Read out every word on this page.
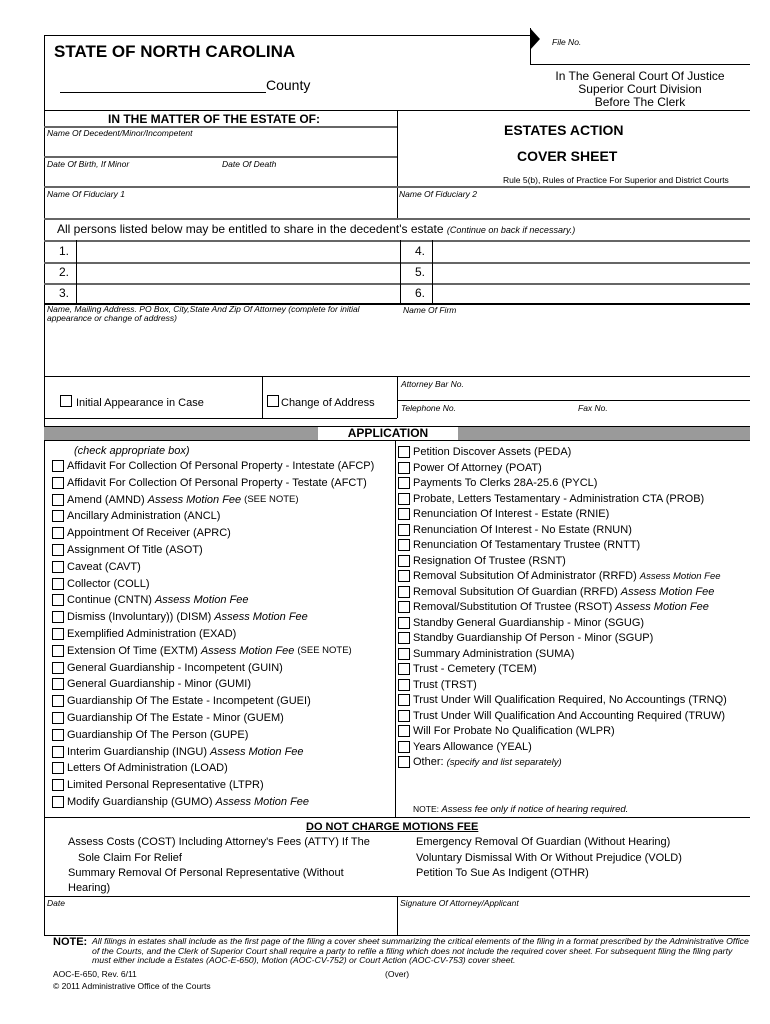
STATE OF NORTH CAROLINA
County
File No.
In The General Court Of Justice
Superior Court Division
Before The Clerk
IN THE MATTER OF THE ESTATE OF:
Name Of Decedent/Minor/Incompetent
Date Of Birth, If Minor	Date Of Death
Name Of Fiduciary 1	Name Of Fiduciary 2
ESTATES ACTION
COVER SHEET
Rule 5(b), Rules of Practice For Superior and District Courts
All persons listed below may be entitled to share in the decedent's estate (Continue on back if necessary.)
1.
2.
3.
4.
5.
6.
Name, Mailing Address. PO Box, City,State And Zip Of Attorney (complete for initial appearance or change of address)
Name Of Firm
Attorney Bar No.
Telephone No.	Fax No.
Initial Appearance in Case	Change of Address
APPLICATION
(check appropriate box)
Affidavit For Collection Of Personal Property - Intestate (AFCP)
Affidavit For Collection Of Personal Property - Testate (AFCT)
Amend (AMND) Assess Motion Fee (SEE NOTE)
Ancillary Administration (ANCL)
Appointment Of Receiver (APRC)
Assignment Of Title (ASOT)
Caveat (CAVT)
Collector (COLL)
Continue (CNTN) Assess Motion Fee
Dismiss (Involuntary)) (DISM) Assess Motion Fee
Exemplified Administration (EXAD)
Extension Of Time (EXTM) Assess Motion Fee (SEE NOTE)
General Guardianship - Incompetent (GUIN)
General Guardianship - Minor (GUMI)
Guardianship Of The Estate - Incompetent (GUEI)
Guardianship Of The Estate - Minor (GUEM)
Guardianship Of The Person (GUPE)
Interim Guardianship (INGU) Assess Motion Fee
Letters Of Administration (LOAD)
Limited Personal Representative (LTPR)
Modify Guardianship (GUMO) Assess Motion Fee
Petition Discover Assets (PEDA)
Power Of Attorney (POAT)
Payments To Clerks 28A-25.6 (PYCL)
Probate, Letters Testamentary - Administration CTA (PROB)
Renunciation Of Interest - Estate (RNIE)
Renunciation Of Interest - No Estate (RNUN)
Renunciation Of Testamentary Trustee (RNTT)
Resignation Of Trustee (RSNT)
Removal Subsitution Of Administrator (RRFD) Assess Motion Fee
Removal Subsitution Of Guardian (RRFD) Assess Motion Fee
Removal/Substitution Of Trustee (RSOT) Assess Motion Fee
Standby General Guardianship - Minor (SGUG)
Standby Guardianship Of Person - Minor (SGUP)
Summary Administration (SUMA)
Trust - Cemetery (TCEM)
Trust (TRST)
Trust Under Will Qualification Required, No Accountings (TRNQ)
Trust Under Will Qualification And Accounting Required (TRUW)
Will For Probate No Qualification (WLPR)
Years Allowance (YEAL)
Other: (specify and list separately)
NOTE: Assess fee only if notice of hearing required.
DO NOT CHARGE MOTIONS FEE
Assess Costs (COST) Including Attorney's Fees (ATTY) If The
Sole Claim For Relief
Summary Removal Of Personal Representative (Without
Hearing)
Emergency Removal Of Guardian (Without Hearing)
Voluntary Dismissal With Or Without Prejudice (VOLD)
Petition To Sue As Indigent (OTHR)
Date	Signature Of Attorney/Applicant
NOTE: All filings in estates shall include as the first page of the filing a cover sheet summarizing the critical elements of the filing in a format prescribed by the Administrative Office of the Courts, and the Clerk of Superior Court shall require a party to refile a filing which does not include the required cover sheet. For subsequent filing the filing party must either include a Estates (AOC-E-650), Motion (AOC-CV-752) or Court Action (AOC-CV-753) cover sheet.
AOC-E-650, Rev. 6/11	(Over)
© 2011 Administrative Office of the Courts
